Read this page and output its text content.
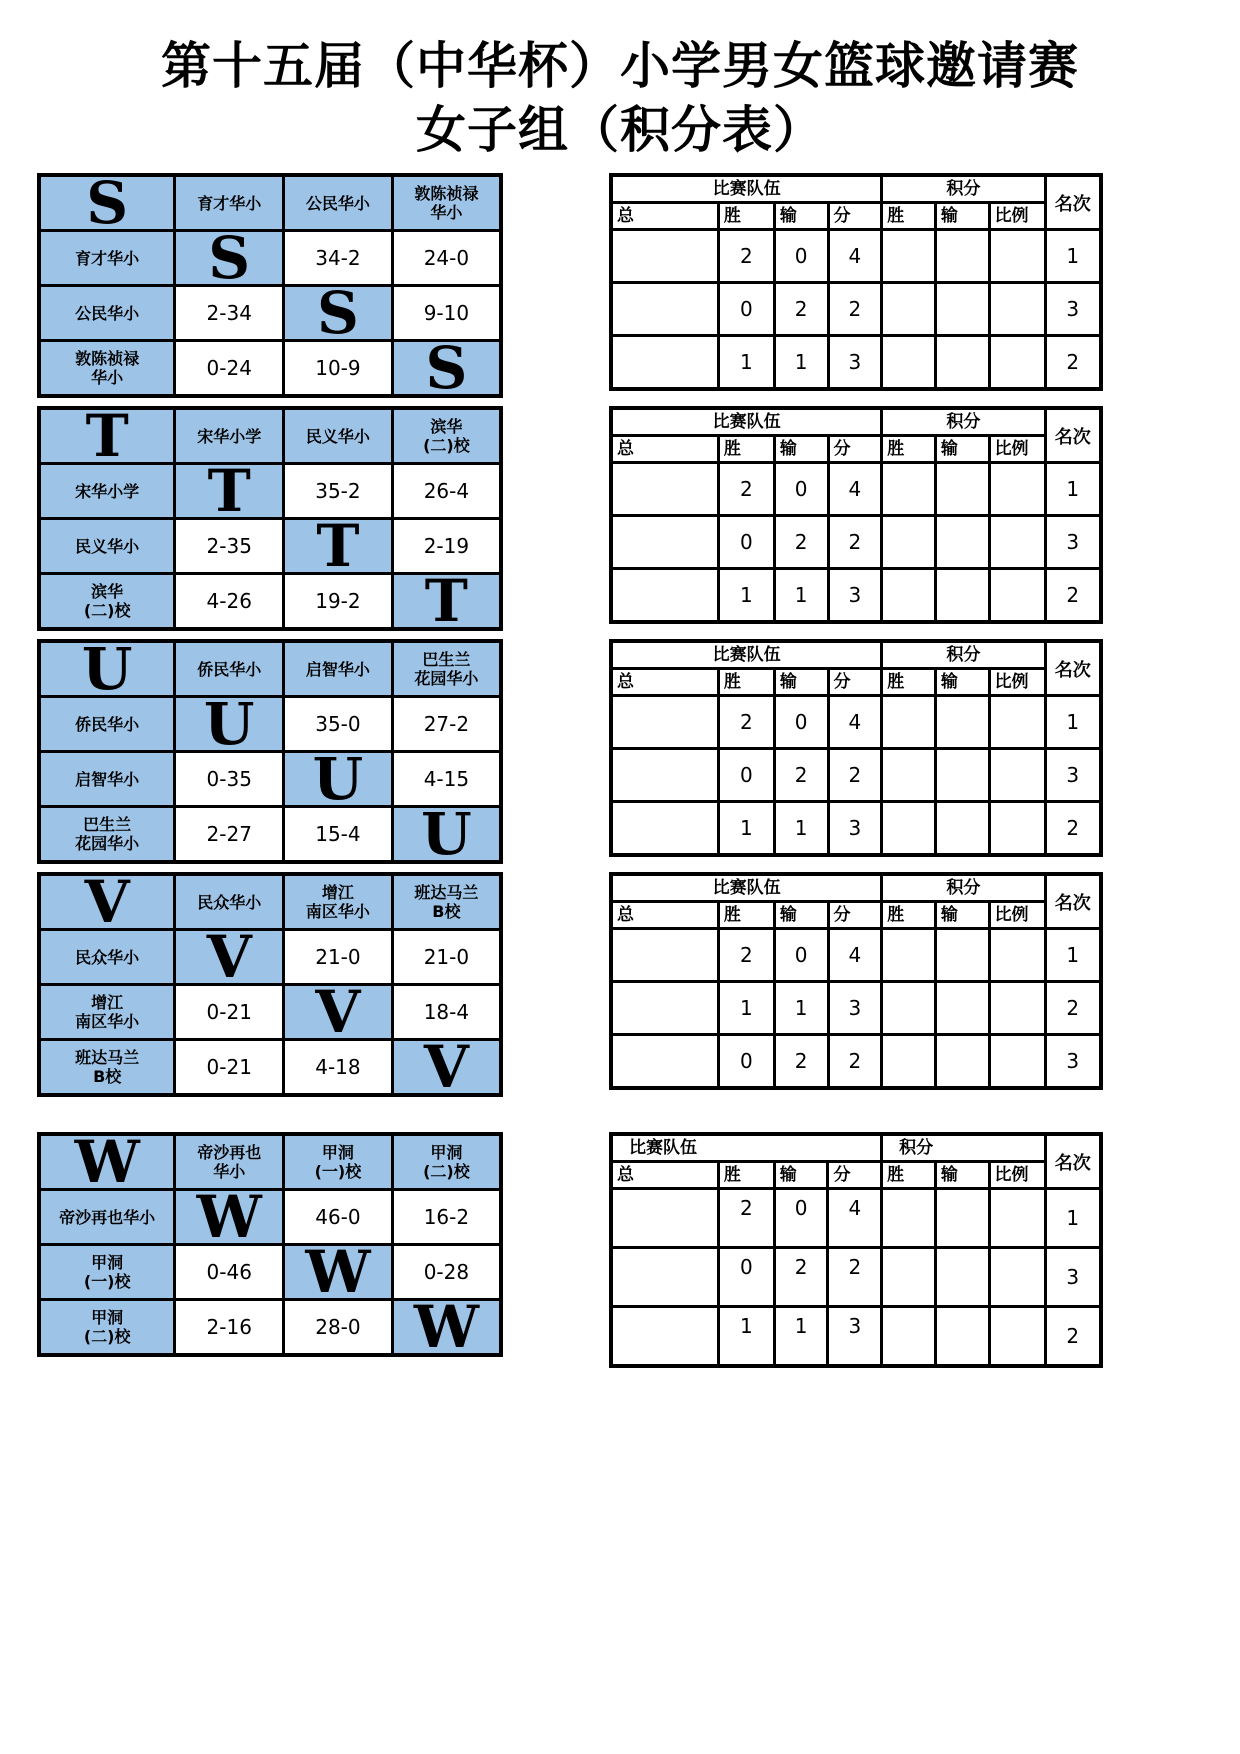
第十五届（中华杯）小学男女篮球邀请赛
女子组（积分表）
S	育才华小	公民华小	敦陈祯禄
华小
育才华小	S	34-2	24-0
公民华小	2-34	S	9-10
敦陈祯禄
华小	0-24	10-9	S
比赛队伍				积分			名次
总	胜	输	分	胜	输	比例	
	2	0	4				1
	0	2	2				3
	1	1	3				2
T	宋华小学	民义华小	滨华
(二)校
宋华小学	T	35-2	26-4
民义华小	2-35	T	2-19
滨华
(二)校	4-26	19-2	T
比赛队伍				积分			名次
总	胜	输	分	胜	输	比例	
	2	0	4				1
	0	2	2				3
	1	1	3				2
U	侨民华小	启智华小	巴生兰
花园华小
侨民华小	U	35-0	27-2
启智华小	0-35	U	4-15
巴生兰
花园华小	2-27	15-4	U
比赛队伍				积分			名次
总	胜	输	分	胜	输	比例	
	2	0	4				1
	0	2	2				3
	1	1	3				2
V	民众华小	增江
南区华小	班达马兰
B校
民众华小	V	21-0	21-0
增江
南区华小	0-21	V	18-4
班达马兰
B校	0-21	4-18	V
比赛队伍				积分			名次
总	胜	输	分	胜	输	比例	
	2	0	4				1
	1	1	3				2
	0	2	2				3
W	帝沙再也
华小	甲洞
(一)校	甲洞
(二)校
帝沙再也华小	W	46-0	16-2
甲洞
(一)校	0-46	W	0-28
甲洞
(二)校	2-16	28-0	W
比赛队伍				积分			名次
总	胜	输	分	胜	输	比例	
	2	0	4				1
	0	2	2				3
	1	1	3				2
